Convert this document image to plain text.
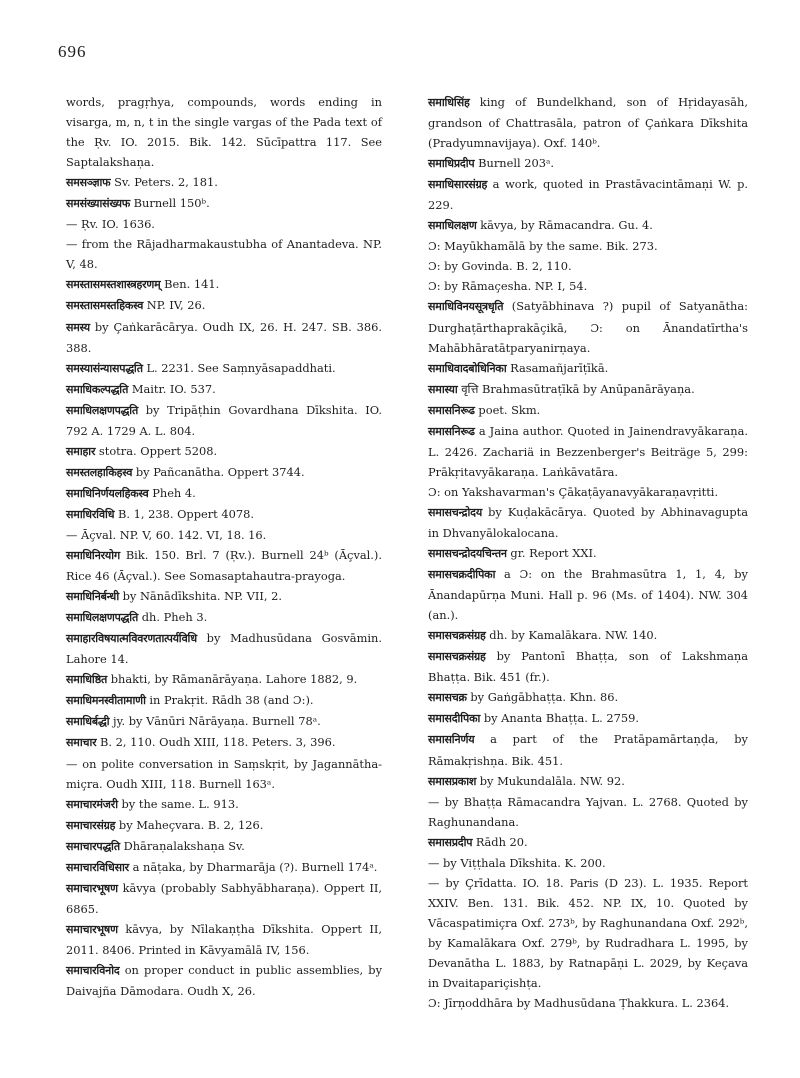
696

words, pragṛhya, compounds, words ending in visarga, m, n, t in the single vargas of the Pada text of the Ṛv. IO. 2015. Bik. 142. Sūcīpattra 117. See Saptalakshaṇa.

समसञ्ज्ञाफ Sv. Peters. 2, 181.

समसंख्यासंख्यफ Burnell 150ᵇ.

— Ṛv. IO. 1636.

— from the Rājadharmakaustubha of Anantadeva. NP. V, 48.

समस्तासमस्तशास्त्रहरणम् Ben. 141.

समस्तासमस्तहिकस्व NP. IV, 26.

समस्य by Çaṅkarācārya. Oudh IX, 26. H. 247. SB. 386. 388.

समस्यासंन्यासपद्धति L. 2231. See Saṃnyāsapaddhati.

समाधिकल्पद्धति Maitr. IO. 537.

समाधिलक्षणपद्धति by Tripāṭhin Govardhana Dīkshita. IO. 792 A. 1729 A. L. 804.

समाहार stotra. Oppert 5208.

समस्तलहाकिहस्व by Pañcanātha. Oppert 3744.

समाधिनिर्णयलहिकस्व Pheh 4.

समाधिरविधि B. 1, 238. Oppert 4078.

— Āçval. NP. V, 60. 142. VI, 18. 16.

समाधिनिरयोग Bik. 150. Brl. 7 (Ṛv.). Burnell 24ᵇ (Āçval.). Rice 46 (Āçval.). See Somasaptahautra-prayoga.

समाधिनिर्बन्धी by Nānādīkshita. NP. VII, 2.

समाधिलक्षणपद्धति dh. Pheh 3.

समाहारविषयात्मविवरणतात्पर्यविधि by Madhusūdana Gosvāmin. Lahore 14.

समाधिष्ठित bhakti, by Rāmanārāyaṇa. Lahore 1882, 9.

समाधिमनस्वीतामाणी in Prakṛit. Rādh 38 (and Ɔ:).

समाधिर्बद्धी jy. by Vānūri Nārāyaṇa. Burnell 78ᵃ.

समाचार B. 2, 110. Oudh XIII, 118. Peters. 3, 396.

— on polite conversation in Saṃskṛit, by Jagannātha-miçra. Oudh XIII, 118. Burnell 163ᵃ.

समाचारमंजरी by the same. L. 913.

समाचारसंग्रह by Maheçvara. B. 2, 126.

समाचारपद्धति Dhāraṇalakshaṇa Sv.

समाचारविधिसार a nāṭaka, by Dharmarāja (?). Burnell 174ᵃ.

समाचारभूषण kāvya (probably Sabhyābharaṇa). Oppert II, 6865.

समाचारभूषण kāvya, by Nīlakaṇṭha Dīkshita. Oppert II, 2011. 8406. Printed in Kāvyamālā IV, 156.

समाचारविनोद on proper conduct in public assemblies, by Daivajña Dāmodara. Oudh X, 26.

समाधिसिंह king of Bundelkhand, son of Hṛidayasāh, grandson of Chattrasāla, patron of Çaṅkara Dīkshita (Pradyumnavijaya). Oxf. 140ᵇ.

समाधिप्रदीप Burnell 203ᵃ.

समाधिसारसंग्रह a work, quoted in Prastāvacintāmaṇi W. p. 229.

समाधिलक्षण kāvya, by Rāmacandra. Gu. 4.

Ɔ: Mayūkhamālā by the same. Bik. 273.

Ɔ: by Govinda. B. 2, 110.

Ɔ: by Rāmaçesha. NP. I, 54.

समाधिविनयसूत्रधृति (Satyābhinava ?) pupil of Satyanātha: Durghaṭārthaprakāçikā, Ɔ: on Ānandatīrtha's Mahābhāratātparyanirṇaya.

समाधिवादबोधिनिका Rasamañjarīṭīkā.

समास्या वृत्ति Brahmasūtraṭīkā by Anūpanārāyaṇa.

समासनिरूढ poet. Skm.

समासनिरूढ a Jaina author. Quoted in Jainendravyākaraṇa. L. 2426. Zachariä in Bezzenberger's Beiträge 5, 299: Prākṛitavyākaraṇa. Laṅkāvatāra.

Ɔ: on Yakshavarman's Çākaṭāyanavyākaraṇavṛitti.

समासचन्द्रोदय by Kuḍakācārya. Quoted by Abhinavagupta in Dhvanyālokalocana.

समासचन्द्रोदयचिन्तन gr. Report XXI.

समासचक्रदीपिका a Ɔ: on the Brahmasūtra 1, 1, 4, by Ānandapūrṇa Muni. Hall p. 96 (Ms. of 1404). NW. 304 (an.).

समासचक्रसंग्रह dh. by Kamalākara. NW. 140.

समासचक्रसंग्रह by Pantonī Bhaṭṭa, son of Lakshmaṇa Bhaṭṭa. Bik. 451 (fr.).

समासचक्र by Gaṅgābhaṭṭa. Khn. 86.

समासदीपिका by Ananta Bhaṭṭa. L. 2759.

समासनिर्णय a part of the Pratāpamārtaṇḍa, by Rāmakṛishṇa. Bik. 451.

समासप्रकाश by Mukundalāla. NW. 92.

— by Bhaṭṭa Rāmacandra Yajvan. L. 2768. Quoted by Raghunandana.

समासप्रदीप Rādh 20.

— by Viṭṭhala Dīkshita. K. 200.

— by Çrīdatta. IO. 18. Paris (D 23). L. 1935. Report XXIV. Ben. 131. Bik. 452. NP. IX, 10. Quoted by Vācaspatimiçra Oxf. 273ᵇ, by Raghunandana Oxf. 292ᵇ, by Kamalākara Oxf. 279ᵇ, by Rudradhara L. 1995, by Devanātha L. 1883, by Ratnapāṇi L. 2029, by Keçava in Dvaitapariçishṭa.

Ɔ: Jīrṇoddhāra by Madhusūdana Ṭhakkura. L. 2364.
